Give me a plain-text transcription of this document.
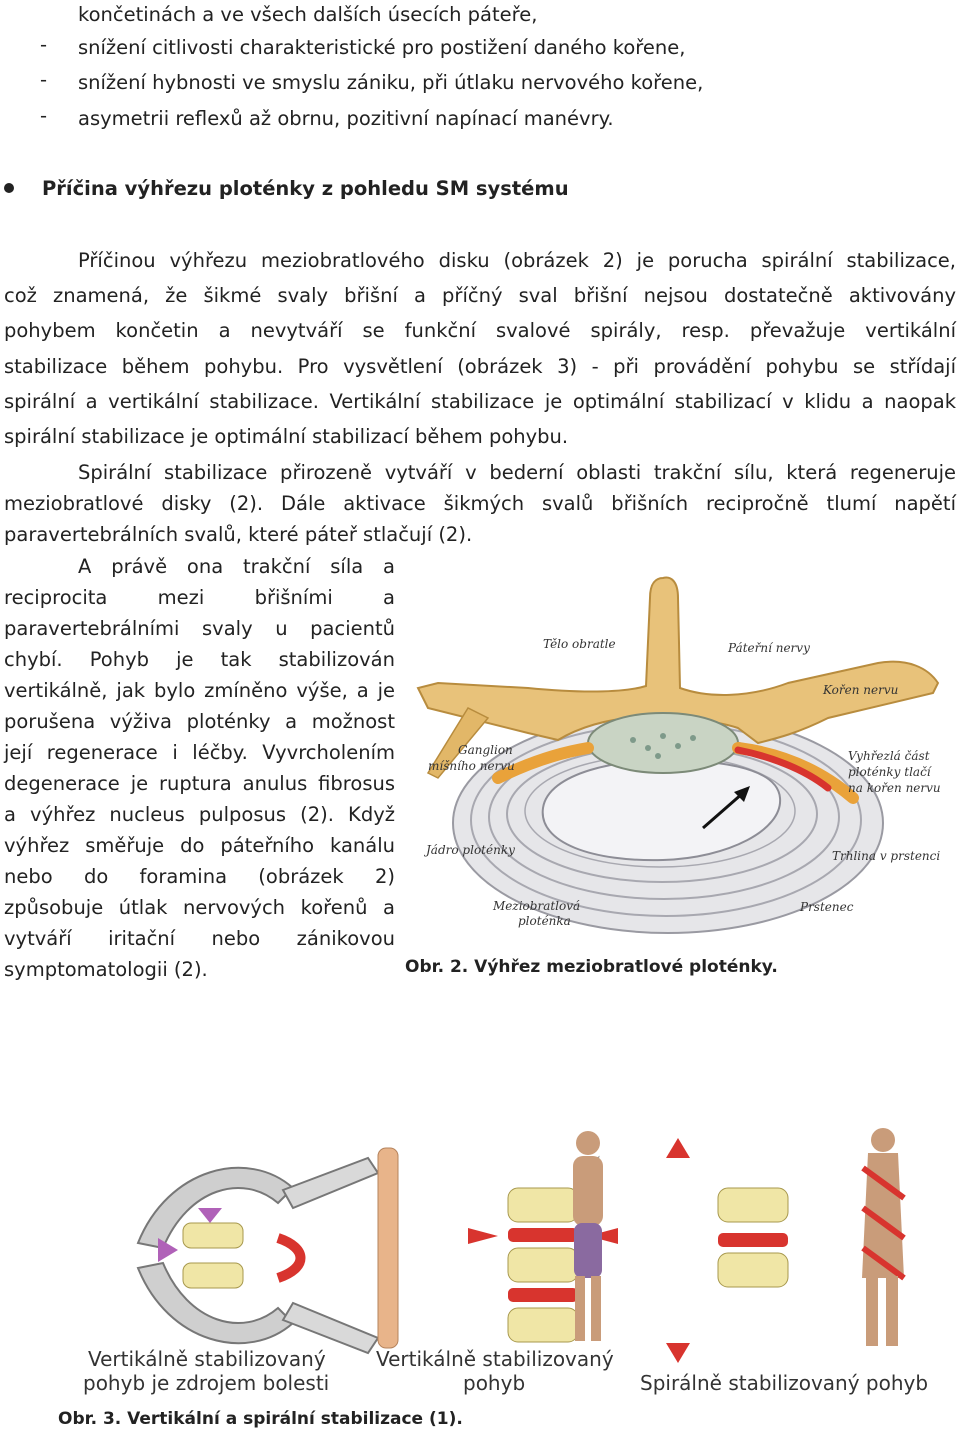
končetinách a ve všech dalších úsecích páteře,
- snížení citlivosti charakteristické pro postižení daného kořene,
- snížení hybnosti ve smyslu zániku, při útlaku nervového kořene,
- asymetrii reflexů až obrnu, pozitivní napínací manévry.
Příčina výhřezu ploténky z pohledu SM systému
Příčinou výhřezu meziobratlového disku (obrázek 2) je porucha spirální stabilizace,
což znamená, že šikmé svaly břišní a příčný sval břišní nejsou dostatečně aktivovány
pohybem končetin a nevytváří se funkční svalové spirály, resp. převažuje vertikální
stabilizace během pohybu. Pro vysvětlení (obrázek 3) - při provádění pohybu se střídají
spirální a vertikální stabilizace. Vertikální stabilizace je optimální stabilizací v klidu a naopak
spirální stabilizace je optimální stabilizací během pohybu.
Spirální stabilizace přirozeně vytváří v bederní oblasti trakční sílu, která regeneruje
meziobratlové disky (2). Dále aktivace šikmých svalů břišních recipročně tlumí napětí
paravertebrálních svalů, které páteř stlačují (2).
A právě ona trakční síla a
reciprocita mezi břišními a
paravertebrálními svaly u pacientů
chybí. Pohyb je tak stabilizován
vertikálně, jak bylo zmíněno výše, a je
porušena výživa ploténky a možnost
její regenerace i léčby. Vyvrcholením
degenerace je ruptura anulus fibrosus
a výhřez nucleus pulposus (2). Když
výhřez směřuje do páteřního kanálu
nebo do foramina (obrázek 2)
způsobuje útlak nervových kořenů a
vytváří iritační nebo zánikovou
symptomatologii (2).
Tělo obratle	Páteřní nervy
Kořen nervu
Ganglion
míšního nervu
Vyhřezlá část
ploténky tlačí
na kořen nervu
Jádro ploténky	Trhlina v prstenci
Meziobratlová
ploténka
Prstenec
Obr. 2. Výhřez meziobratlové ploténky.
Vertikálně stabilizovaný
pohyb je zdrojem bolesti
Vertikálně stabilizovaný
pohyb	Spirálně stabilizovaný pohyb
Obr. 3. Vertikální a spirální stabilizace (1).
